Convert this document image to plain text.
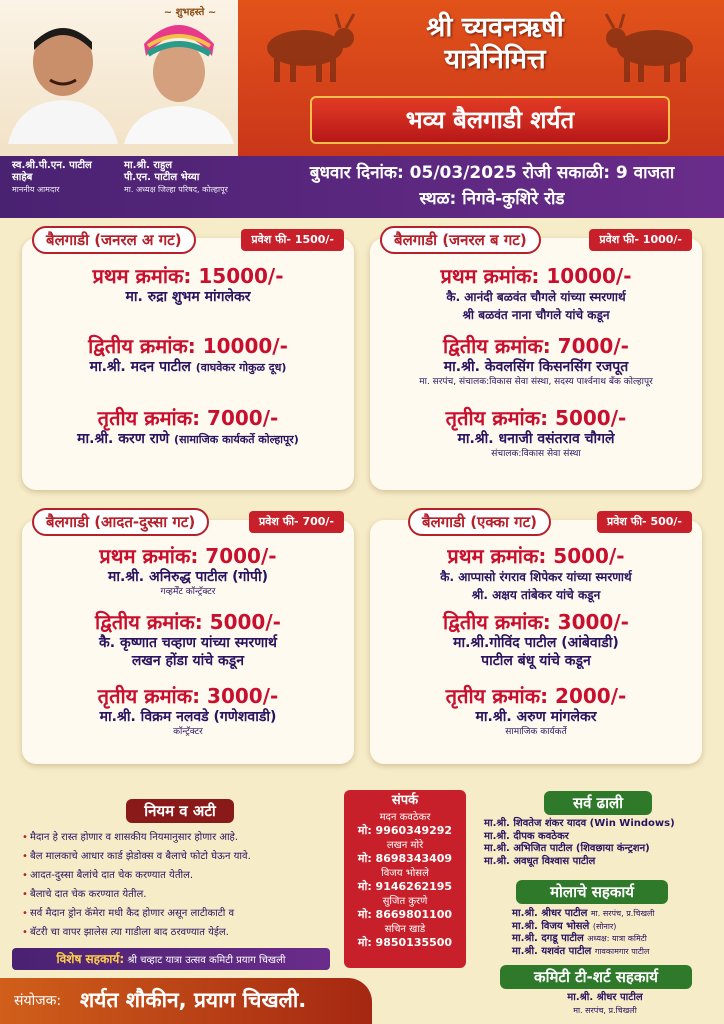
~ शुभहस्ते ~	श्री च्यवनऋषी
यात्रेनिमित्त
भव्य बैलगाडी शर्यत
स्व.श्री.पी.एन. पाटील
साहेब
माननीय आमदार
मा.श्री. राहुल
पी.एन. पाटील भेय्या
मा. अध्यक्ष जिल्हा परिषद, कोल्हापूर
बुधवार दिनांक: 05/03/2025 रोजी सकाळी: 9 वाजता
स्थळ: निगवे-कुशिरे रोड
बैलगाडी (जनरल अ गट)	प्रवेश फी- 1500/-
प्रथम क्रमांक: 15000/-
मा. रुद्रा शुभम मांगलेकर
द्वितीय क्रमांक: 10000/-
मा.श्री. मदन पाटील (वाघवेकर गोकुळ दूध)
तृतीय क्रमांक: 7000/-
मा.श्री. करण राणे (सामाजिक कार्यकर्ते कोल्हापूर)
बैलगाडी (जनरल ब गट)	प्रवेश फी- 1000/-
प्रथम क्रमांक: 10000/-
कै. आनंदी बळवंत चौगले यांच्या स्मरणार्थ
श्री बळवंत नाना चौगले यांचे कडून
द्वितीय क्रमांक: 7000/-
मा.श्री. केवलसिंग किसनसिंग रजपूत
मा. सरपंच, संचालक:विकास सेवा संस्था, सदस्य पार्श्वनाथ बँक कोल्हापूर
तृतीय क्रमांक: 5000/-
मा.श्री. धनाजी वसंतराव चौगले
संचालक:विकास सेवा संस्था
बैलगाडी (आदत-दुस्सा गट)	प्रवेश फी- 700/-
प्रथम क्रमांक: 7000/-
मा.श्री. अनिरुद्ध पाटील (गोपी)
गव्हर्मेंट कॉन्ट्रॅक्टर
द्वितीय क्रमांक: 5000/-
कै. कृष्णात चव्हाण यांच्या स्मरणार्थ
लखन होंडा यांचे कडून
तृतीय क्रमांक: 3000/-
मा.श्री. विक्रम नलवडे (गणेशवाडी)
कॉन्ट्रॅक्टर
बैलगाडी (एक्का गट)	प्रवेश फी- 500/-
प्रथम क्रमांक: 5000/-
कै. आप्पासो रंगराव शिपेकर यांच्या स्मरणार्थ
श्री. अक्षय तांबेकर यांचे कडून
द्वितीय क्रमांक: 3000/-
मा.श्री.गोविंद पाटील (आंबेवाडी)
पाटील बंधू यांचे कडून
तृतीय क्रमांक: 2000/-
मा.श्री. अरुण मांगलेकर
सामाजिक कार्यकर्ते
नियम व अटी
• मैदान हे रास्त होणार व शासकीय नियमानुसार होणार आहे.
• बैल मालकाचे आधार कार्ड झेडोक्स व बैलाचे फोटो घेऊन यावे.
• आदत-दुस्सा बैलांचे दात चेक करण्यात येतील.
• बैलाचे दात चेक करण्यात येतील.
• सर्व मैदान ड्रोन कॅमेरा मधी कैद होणार असून लाटीकाटी व
• बॅटरी चा वापर झालेस त्या गाडीला बाद ठरवण्यात येईल.
विशेष सहकार्य: श्री चव्हाट यात्रा उत्सव कमिटी प्रयाग चिखली
संयोजक: शर्यत शौकीन, प्रयाग चिखली.
संपर्क
मदन कवठेकर
मो: 9960349292
लखन मोरे
मो: 8698343409
विजय भोसले
मो: 9146262195
सुजित कुरणे
मो: 8669801100
सचिन खाडे
मो: 9850135500
सर्व ढाली
मा.श्री. शिवतेज शंकर यादव (Win Windows)
मा.श्री. दीपक कवठेकर
मा.श्री. अभिजित पाटील (शिवछाया कंन्ट्रशन)
मा.श्री. अवधूत विश्वास पाटील
मोलाचे सहकार्य
मा.श्री. श्रीधर पाटील मा. सरपंच, प्र.चिखली
मा.श्री. विजय भोसले (सोनार)
मा.श्री. दगडू पाटील अध्यक्ष: यात्रा कमिटी
मा.श्री. यशवंत पाटील गावकामगार पाटील
कमिटी टी-शर्ट सहकार्य
मा.श्री. श्रीधर पाटील
मा. सरपंच, प्र.चिखली
